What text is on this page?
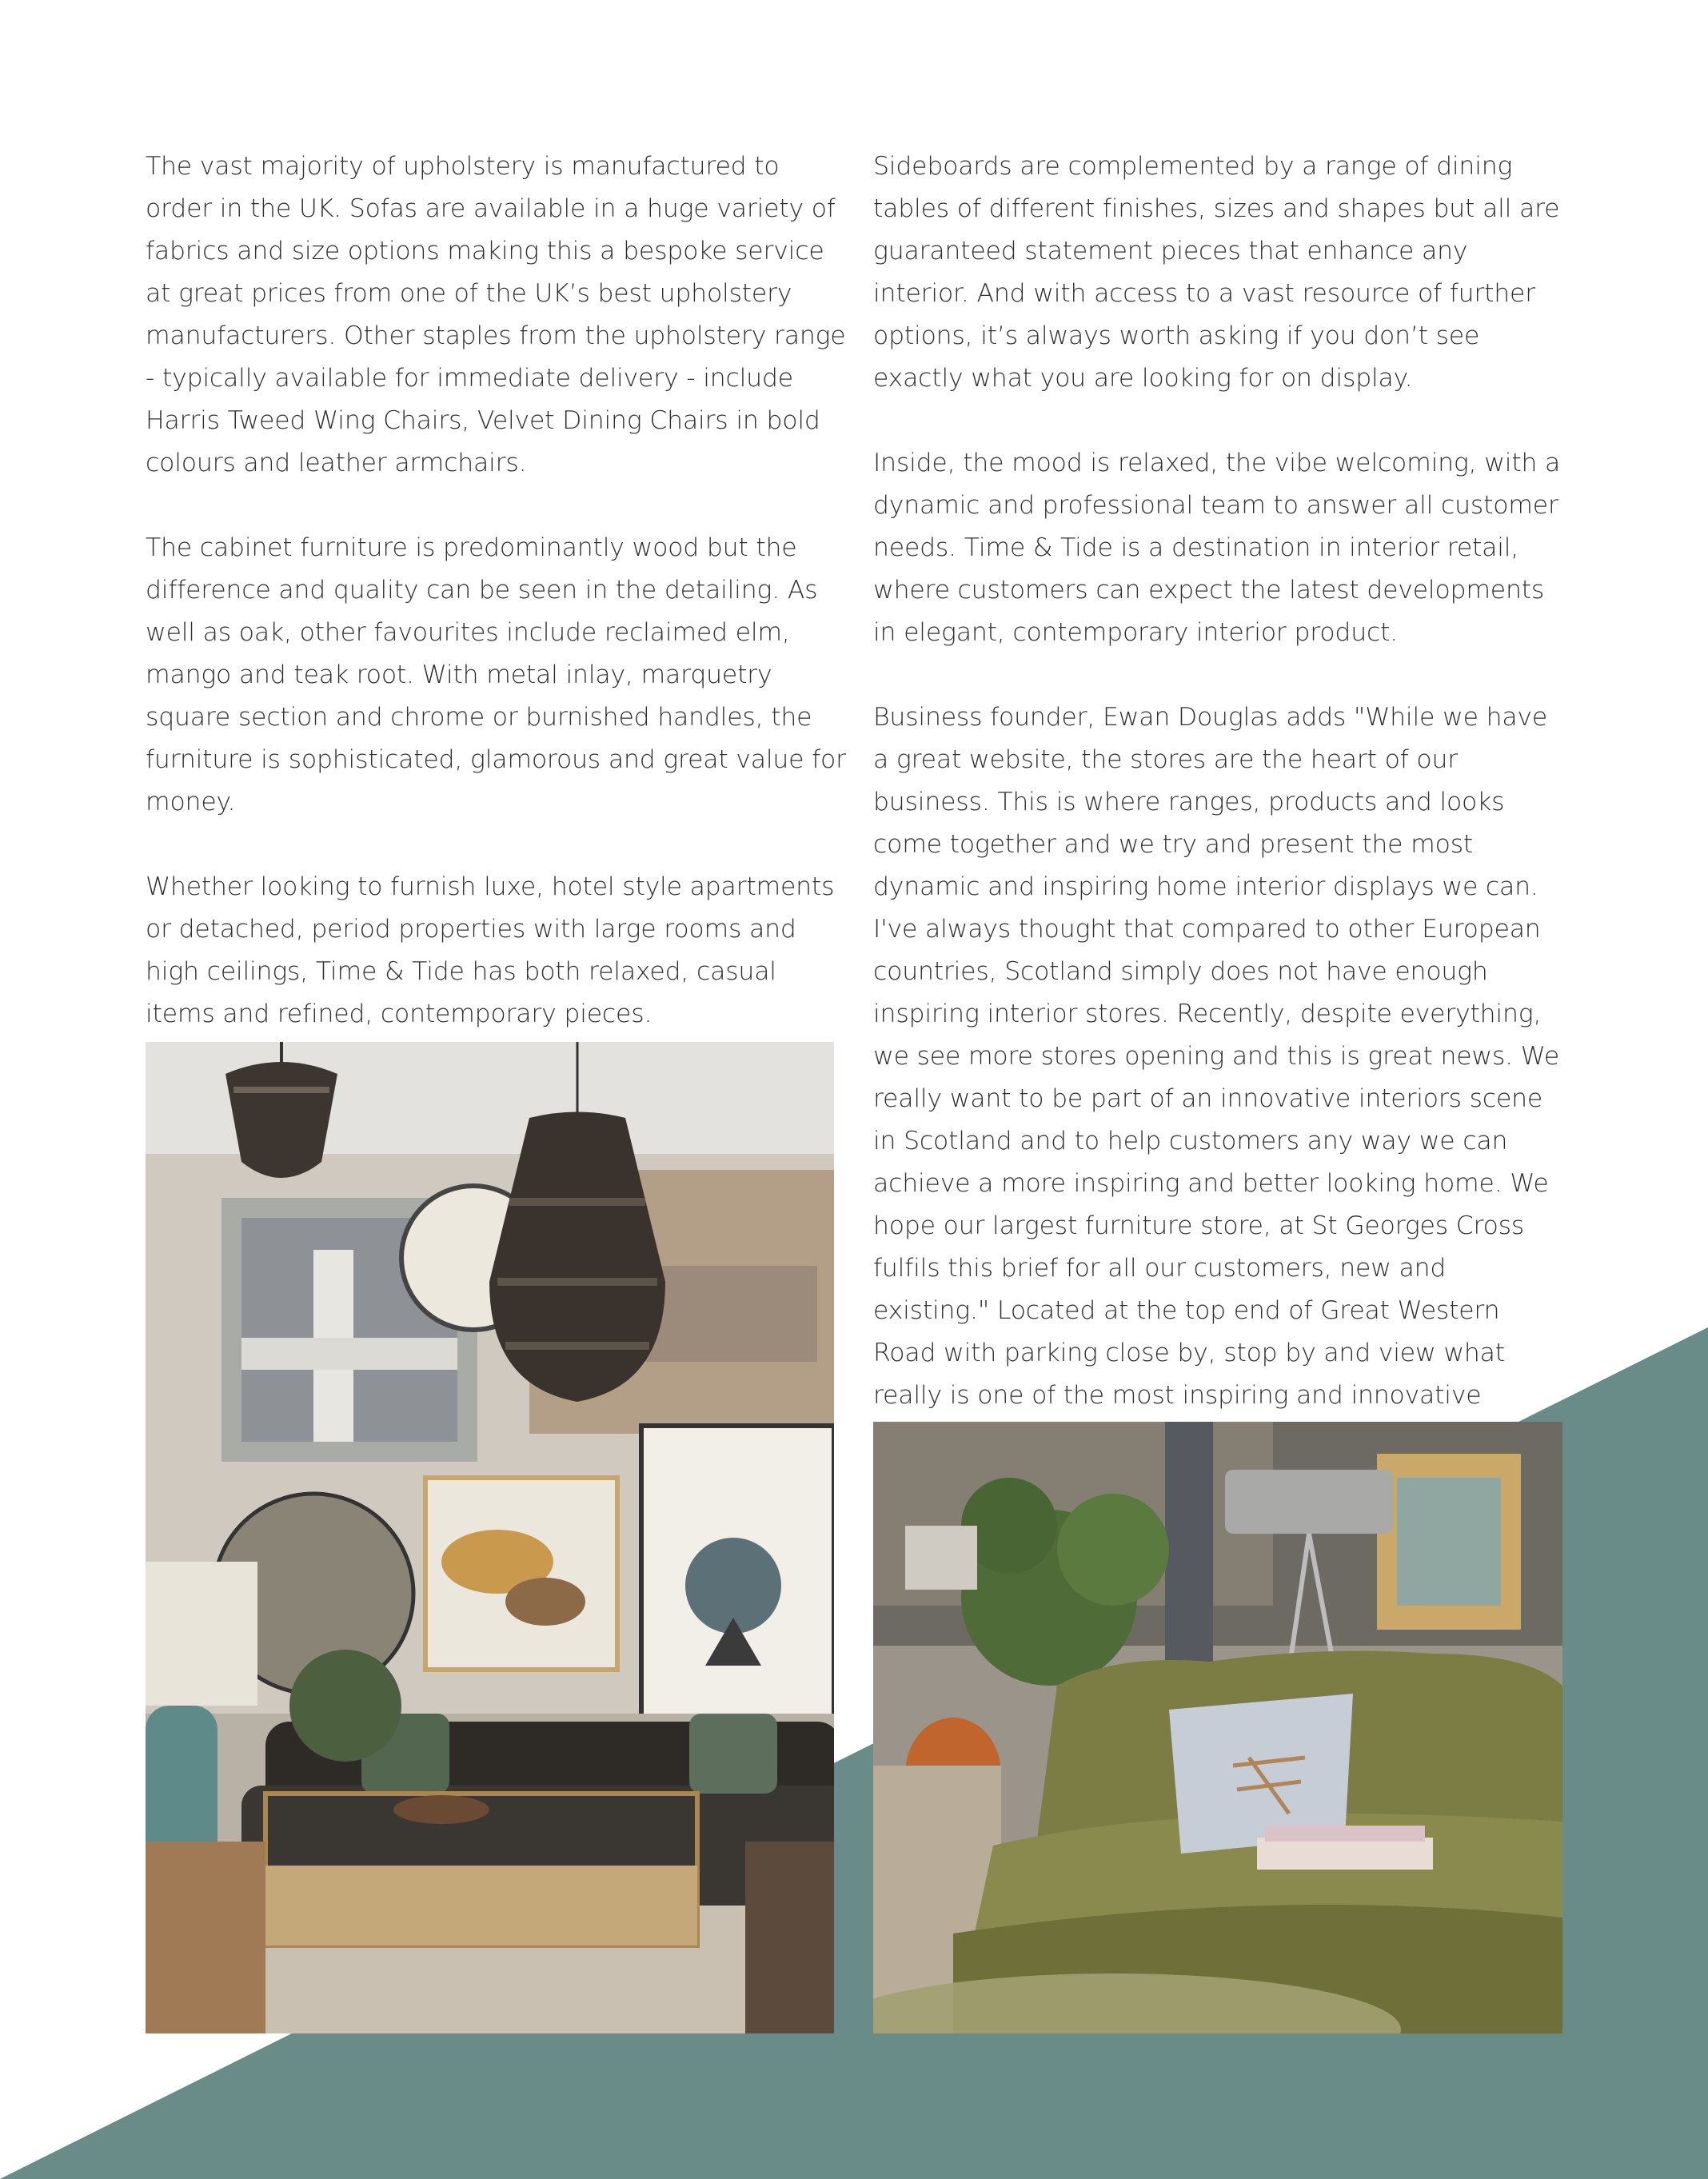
The vast majority of upholstery is manufactured to order in the UK. Sofas are available in a huge variety of fabrics and size options making this a bespoke service at great prices from one of the UK’s best upholstery manufacturers. Other staples from the upholstery range - typically available for immediate delivery - include Harris Tweed Wing Chairs, Velvet Dining Chairs in bold colours and leather armchairs.

The cabinet furniture is predominantly wood but the difference and quality can be seen in the detailing. As well as oak, other favourites include reclaimed elm, mango and teak root. With metal inlay, marquetry square section and chrome or burnished handles, the furniture is sophisticated, glamorous and great value for money.

Whether looking to furnish luxe, hotel style apartments or detached, period properties with large rooms and high ceilings, Time & Tide has both relaxed, casual items and refined, contemporary pieces.

Sideboards are complemented by a range of dining tables of different finishes, sizes and shapes but all are guaranteed statement pieces that enhance any interior. And with access to a vast resource of further options, it’s always worth asking if you don’t see exactly what you are looking for on display.

Inside, the mood is relaxed, the vibe welcoming, with a dynamic and professional team to answer all customer needs. Time & Tide is a destination in interior retail, where customers can expect the latest developments in elegant, contemporary interior product.

Business founder, Ewan Douglas adds "While we have a great website, the stores are the heart of our business. This is where ranges, products and looks come together and we try and present the most dynamic and inspiring home interior displays we can. I've always thought that compared to other European countries, Scotland simply does not have enough inspiring interior stores. Recently, despite everything, we see more stores opening and this is great news. We really want to be part of an innovative interiors scene in Scotland and to help customers any way we can achieve a more inspiring and better looking home. We hope our largest furniture store, at St Georges Cross fulfils this brief for all our customers, new and existing." Located at the top end of Great Western Road with parking close by, stop by and view what really is one of the most inspiring and innovative
